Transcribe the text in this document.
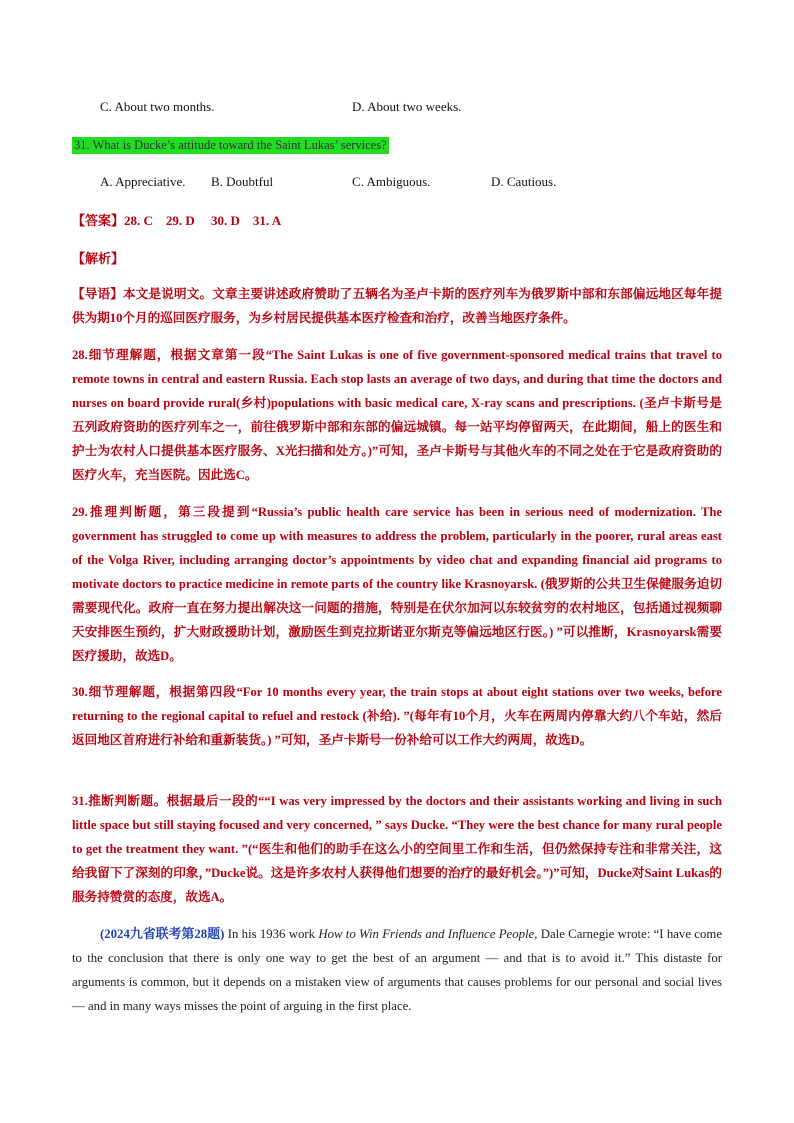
C. About two months.	D. About two weeks.
31. What is Ducke’s attitude toward the Saint Lukas’ services?
A. Appreciative. B. Doubtful	C. Ambiguous.	D. Cautious.
【答案】28. C    29. D     30. D    31. A
【解析】

【导语】本文是说明文。文章主要讲述政府赞助了五辆名为圣卢卡斯的医疗列车为俄罗斯中部和东部偏远地区每年提供为期10个月的巡回医疗服务，为乡村居民提供基本医疗检查和治疗，改善当地医疗条件。

28.细节理解题，根据文章第一段“The Saint Lukas is one of five government-sponsored medical trains that travel to remote towns in central and eastern Russia. Each stop lasts an average of two days, and during that time the doctors and nurses on board provide rural(乡村)populations with basic medical care, X-ray scans and prescriptions. (圣卢卡斯号是五列政府资助的医疗列车之一，前往俄罗斯中部和东部的偏远城镇。每一站平均停留两天，在此期间，船上的医生和护士为农村人口提供基本医疗服务、X光扫描和处方。)”可知，圣卢卡斯号与其他火车的不同之处在于它是政府资助的医疗火车，充当医院。因此选C。

29.推理判断题，第三段提到“Russia’s public health care service has been in serious need of modernization. The government has struggled to come up with measures to address the problem, particularly in the poorer, rural areas east of the Volga River, including arranging doctor’s appointments by video chat and expanding financial aid programs to motivate doctors to practice medicine in remote parts of the country like Krasnoyarsk. (俄罗斯的公共卫生保健服务迫切需要现代化。政府一直在努力提出解决这一问题的措施，特别是在伏尔加河以东较贫穷的农村地区，包括通过视频聊天安排医生预约，扩大财政援助计划，激励医生到克拉斯诺亚尔斯克等偏远地区行医。) ”可以推断，Krasnoyarsk需要医疗援助，故选D。

30.细节理解题，根据第四段“For 10 months every year, the train stops at about eight stations over two weeks, before returning to the regional capital to refuel and restock (补给). ”(每年有10个月，火车在两周内停靠大约八个车站，然后返回地区首府进行补给和重新装货。) ”可知，圣卢卡斯号一份补给可以工作大约两周，故选D。

31.推断判断题。根据最后一段的““I was very impressed by the doctors and their assistants working and living in such little space but still staying focused and very concerned, ” says Ducke. “They were the best chance for many rural people to get the treatment they want. ”(“医生和他们的助手在这么小的空间里工作和生活，但仍然保持专注和非常关注，这给我留下了深刻的印象，”Ducke说。这是许多农村人获得他们想要的治疗的最好机会。”)”可知，Ducke对Saint Lukas的服务持赞赏的态度，故选A。

(2024九省联考第28题) In his 1936 work How to Win Friends and Influence People, Dale Carnegie wrote: “I have come to the conclusion that there is only one way to get the best of an argument — and that is to avoid it.” This distaste for arguments is common, but it depends on a mistaken view of arguments that causes problems for our personal and social lives — and in many ways misses the point of arguing in the first place.
